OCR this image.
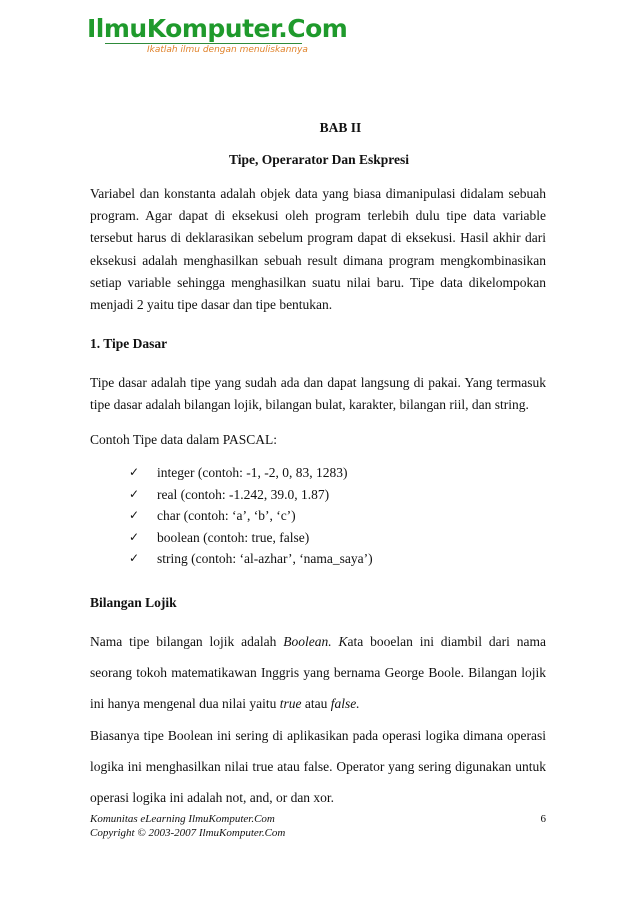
IlmuKomputer.Com
Ikatlah ilmu dengan menuliskannya
BAB II
Tipe, Operarator Dan Eskpresi
Variabel dan konstanta adalah objek data yang biasa dimanipulasi didalam sebuah program. Agar dapat di eksekusi oleh program terlebih dulu tipe data variable tersebut harus di deklarasikan sebelum program dapat di eksekusi. Hasil akhir dari eksekusi adalah menghasilkan sebuah result dimana program mengkombinasikan setiap variable sehingga menghasilkan suatu nilai baru. Tipe data dikelompokan menjadi 2 yaitu tipe dasar dan tipe bentukan.
1. Tipe Dasar
Tipe dasar adalah tipe yang sudah ada dan dapat langsung di pakai. Yang termasuk tipe dasar adalah bilangan lojik, bilangan bulat, karakter, bilangan riil, dan string.
Contoh Tipe data dalam PASCAL:
✓ integer (contoh: -1, -2, 0, 83, 1283)
✓ real (contoh: -1.242, 39.0, 1.87)
✓ char (contoh: ‘a’, ‘b’, ‘c’)
✓ boolean (contoh: true, false)
✓ string (contoh: ‘al-azhar’, ‘nama_saya’)
Bilangan Lojik
Nama tipe bilangan lojik adalah Boolean. Kata booelan ini diambil dari nama seorang tokoh matematikawan Inggris yang bernama George Boole. Bilangan lojik ini hanya mengenal dua nilai yaitu true atau false.
Biasanya tipe Boolean ini sering di aplikasikan pada operasi logika dimana operasi logika ini menghasilkan nilai true atau false. Operator yang sering digunakan untuk operasi logika ini adalah not, and, or dan xor.
Komunitas eLearning IlmuKomputer.Com
Copyright © 2003-2007 IlmuKomputer.Com
6
